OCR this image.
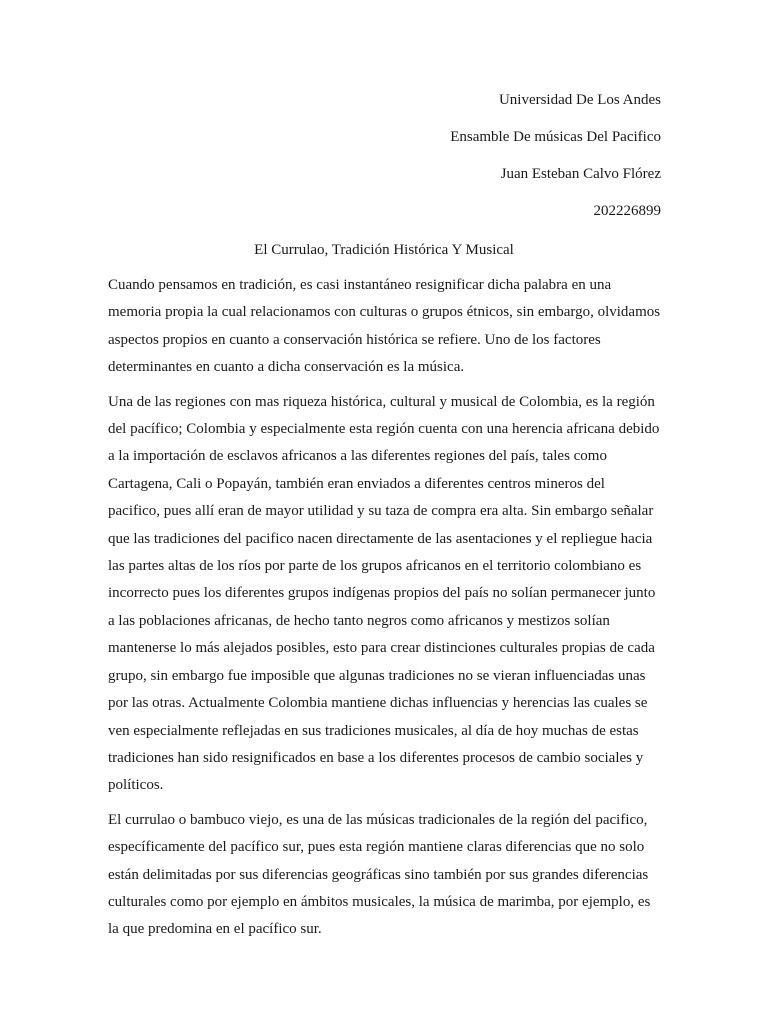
Universidad De Los Andes
Ensamble De músicas Del Pacifico
Juan Esteban Calvo Flórez
202226899
El Currulao, Tradición Histórica Y Musical

Cuando pensamos en tradición, es casi instantáneo resignificar dicha palabra en una
memoria propia la cual relacionamos con culturas o grupos étnicos, sin embargo, olvidamos
aspectos propios en cuanto a conservación histórica se refiere. Uno de los factores
determinantes en cuanto a dicha conservación es la música.

Una de las regiones con mas riqueza histórica, cultural y musical de Colombia, es la región
del pacífico; Colombia y especialmente esta región cuenta con una herencia africana debido
a la importación de esclavos africanos a las diferentes regiones del país, tales como
Cartagena, Cali o Popayán, también eran enviados a diferentes centros mineros del
pacifico, pues allí eran de mayor utilidad y su taza de compra era alta. Sin embargo señalar
que las tradiciones del pacifico nacen directamente de las asentaciones y el repliegue hacia
las partes altas de los ríos por parte de los grupos africanos en el territorio colombiano es
incorrecto pues los diferentes grupos indígenas propios del país no solían permanecer junto
a las poblaciones africanas, de hecho tanto negros como africanos y mestizos solían
mantenerse lo más alejados posibles, esto para crear distinciones culturales propias de cada
grupo, sin embargo fue imposible que algunas tradiciones no se vieran influenciadas unas
por las otras. Actualmente Colombia mantiene dichas influencias y herencias las cuales se
ven especialmente reflejadas en sus tradiciones musicales, al día de hoy muchas de estas
tradiciones han sido resignificados en base a los diferentes procesos de cambio sociales y
políticos.

El currulao o bambuco viejo, es una de las músicas tradicionales de la región del pacifico,
específicamente del pacífico sur, pues esta región mantiene claras diferencias que no solo
están delimitadas por sus diferencias geográficas sino también por sus grandes diferencias
culturales como por ejemplo en ámbitos musicales, la música de marimba, por ejemplo, es
la que predomina en el pacífico sur.
